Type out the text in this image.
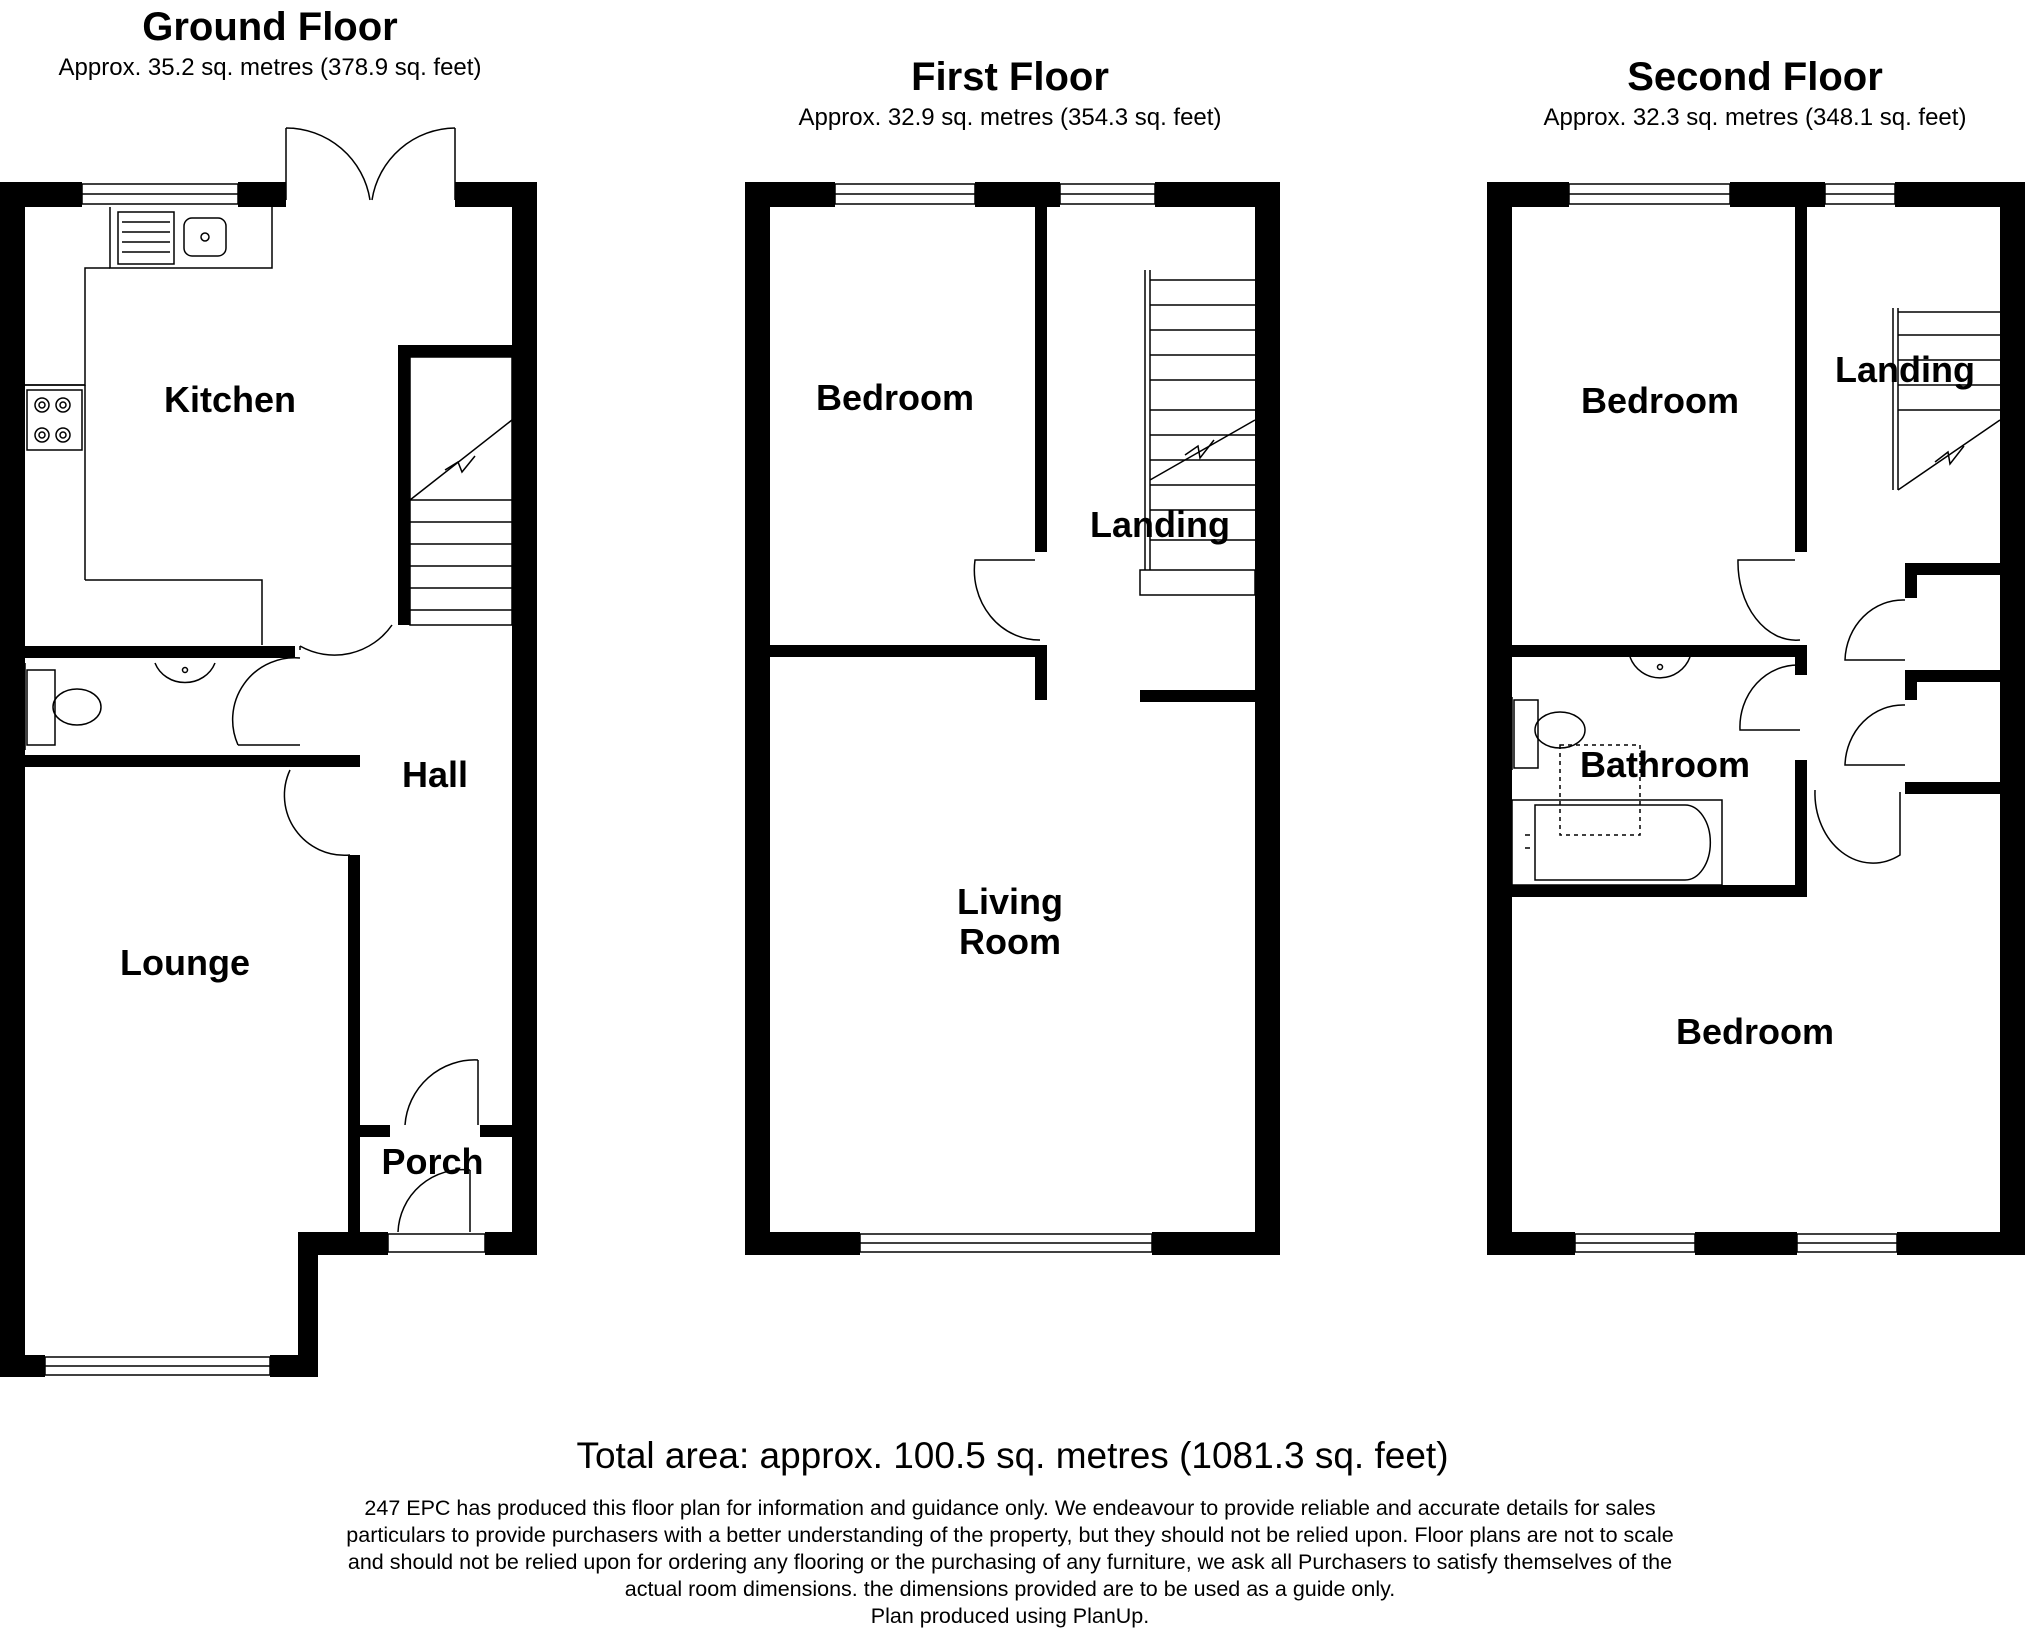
Ground Floor
Approx. 35.2 sq. metres (378.9 sq. feet)
Kitchen
Hall
Lounge
Porch
First Floor
Approx. 32.9 sq. metres (354.3 sq. feet)
Bedroom
Landing
Living
Room
Second Floor
Approx. 32.3 sq. metres (348.1 sq. feet)
Bedroom
Landing
Bathroom
Bedroom
Total area: approx. 100.5 sq. metres (1081.3 sq. feet)
247 EPC has produced this floor plan for information and guidance only. We endeavour to provide reliable and accurate details for sales
particulars to provide purchasers with a better understanding of the property, but they should not be relied upon. Floor plans are not to scale
and should not be relied upon for ordering any flooring or the purchasing of any furniture, we ask all Purchasers to satisfy themselves of the
actual room dimensions. the dimensions provided are to be used as a guide only.
Plan produced using PlanUp.
